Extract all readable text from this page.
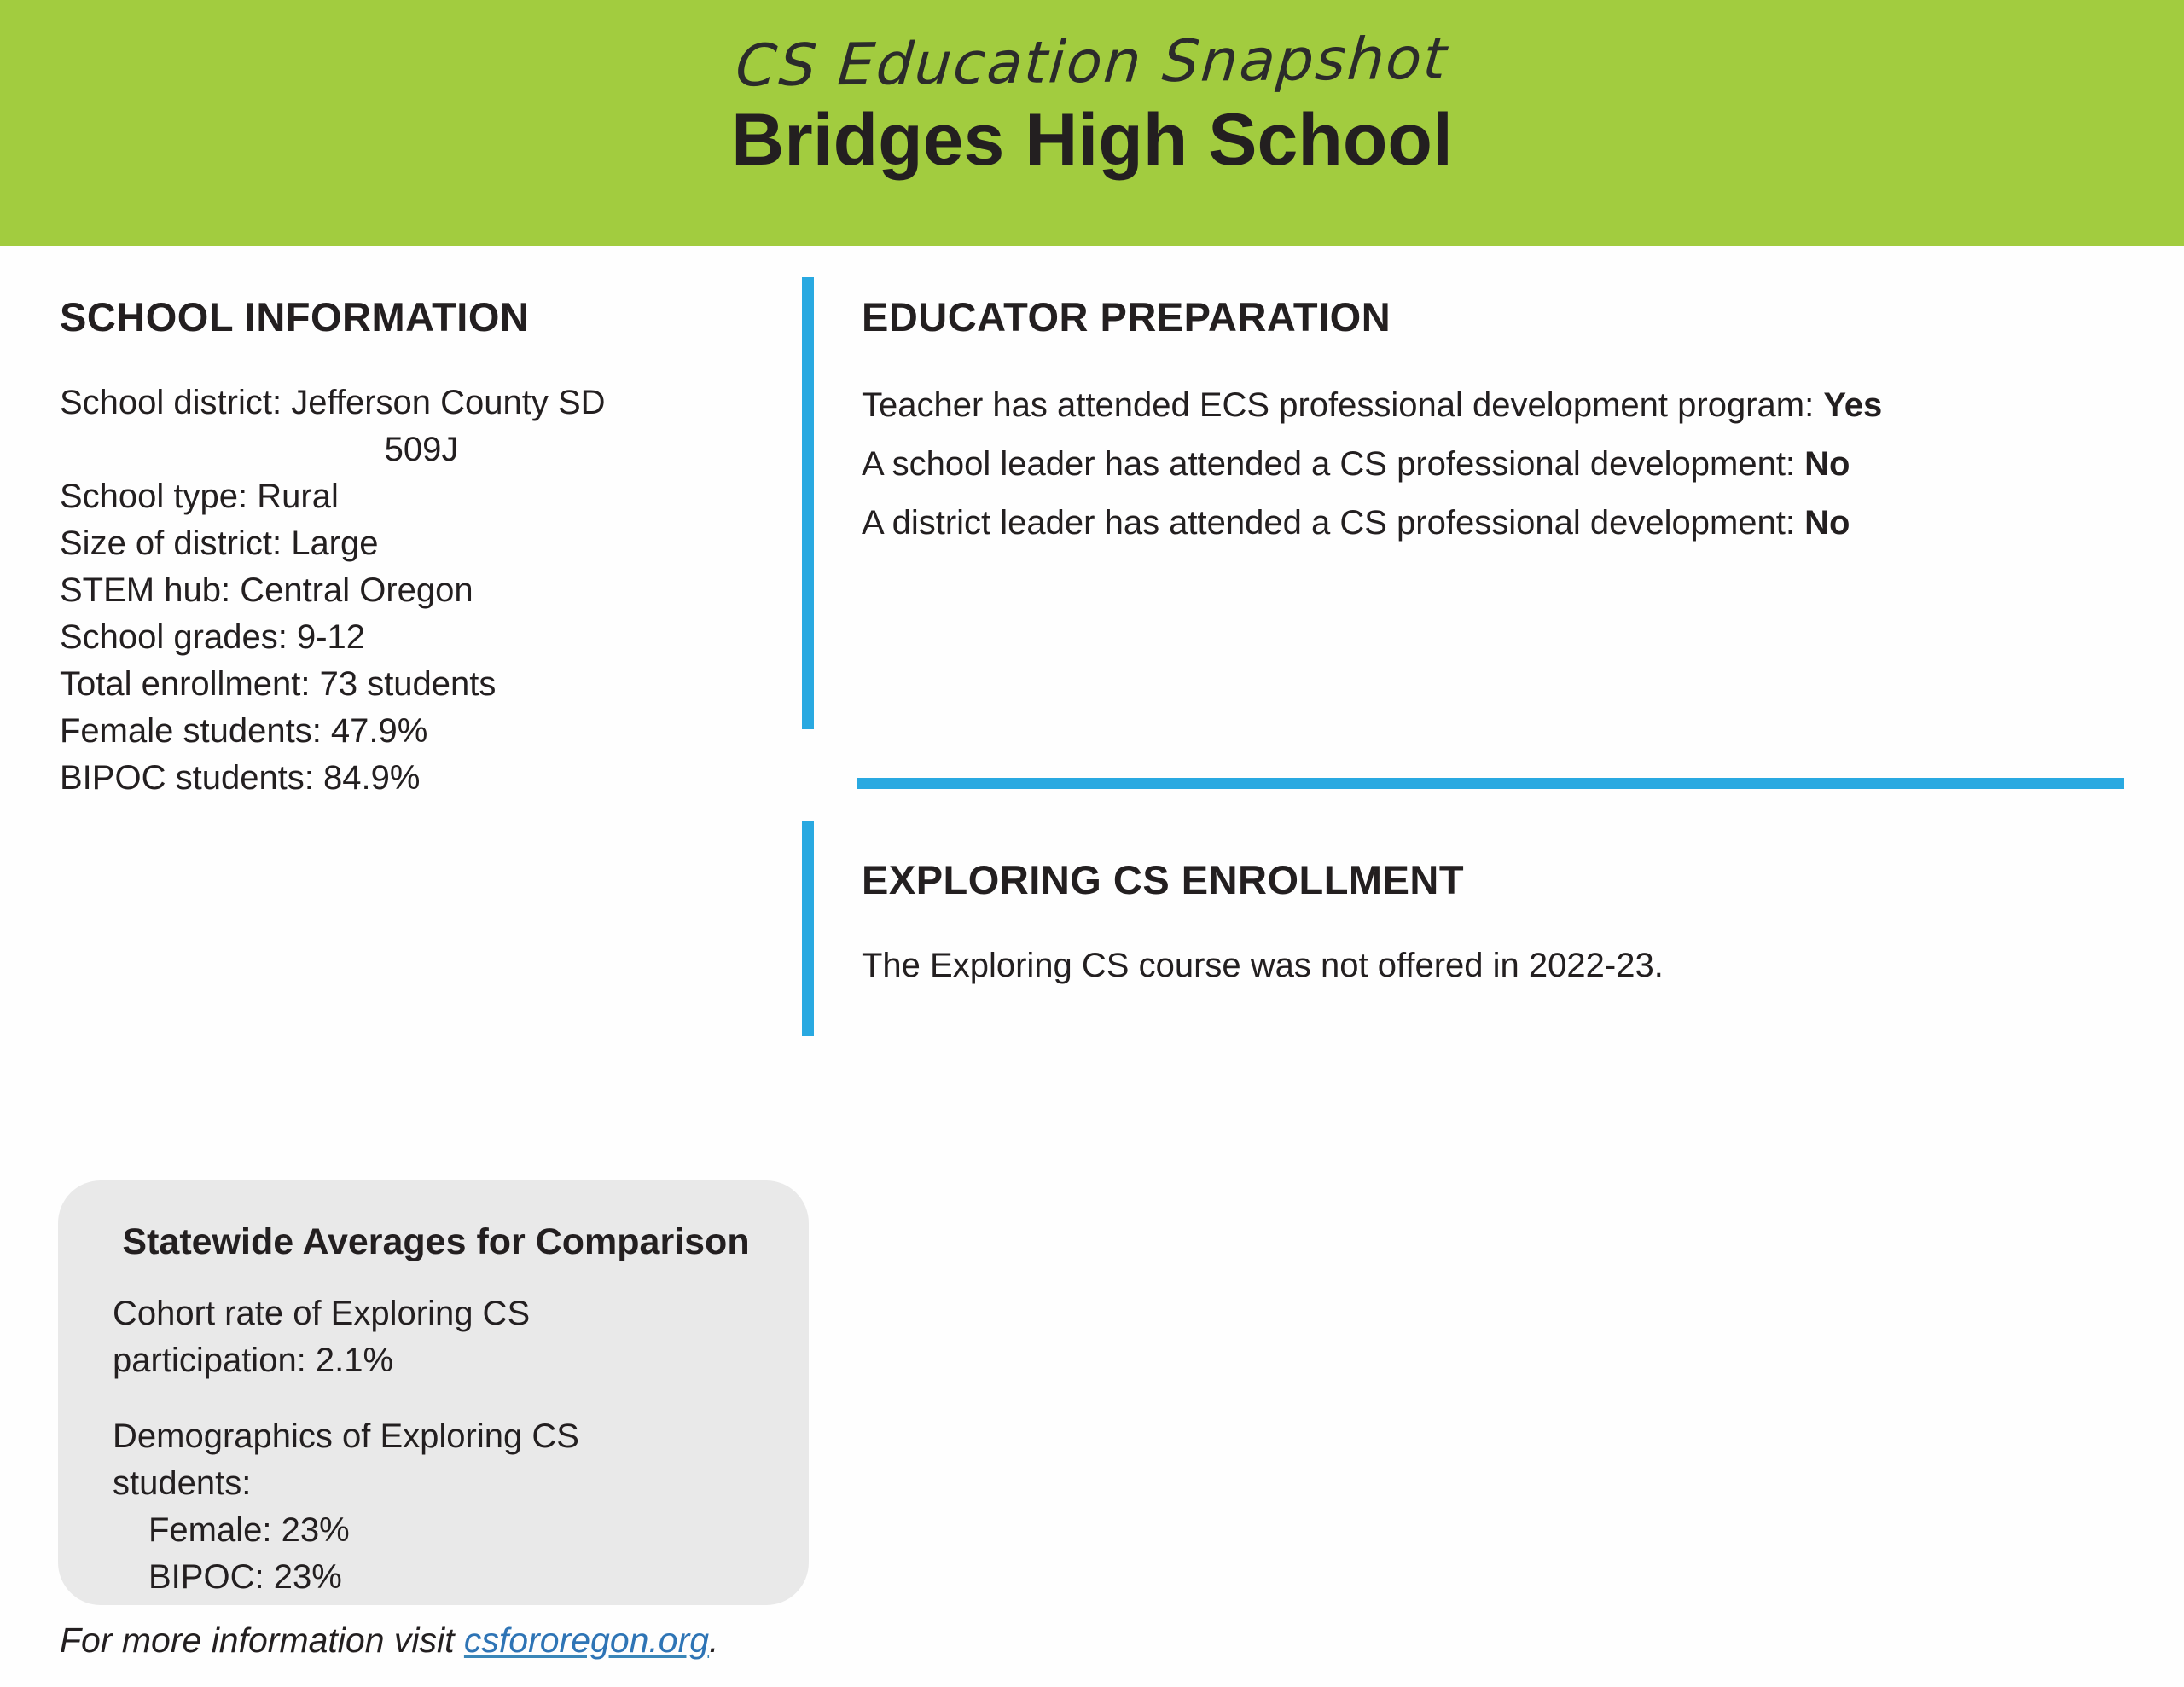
CS Education Snapshot
Bridges High School
SCHOOL INFORMATION
School district: Jefferson County SD
509J
School type: Rural
Size of district: Large
STEM hub: Central Oregon
School grades: 9-12
Total enrollment: 73 students
Female students: 47.9%
BIPOC students: 84.9%
EDUCATOR PREPARATION
Teacher has attended ECS professional development program: Yes
A school leader has attended a CS professional development: No
A district leader has attended a CS professional development: No
EXPLORING CS ENROLLMENT
The Exploring CS course was not offered in 2022-23.
Statewide Averages for Comparison
Cohort rate of Exploring CS
participation: 2.1%
Demographics of Exploring CS
students:
Female: 23%
BIPOC: 23%
For more information visit csfororegon.org.
